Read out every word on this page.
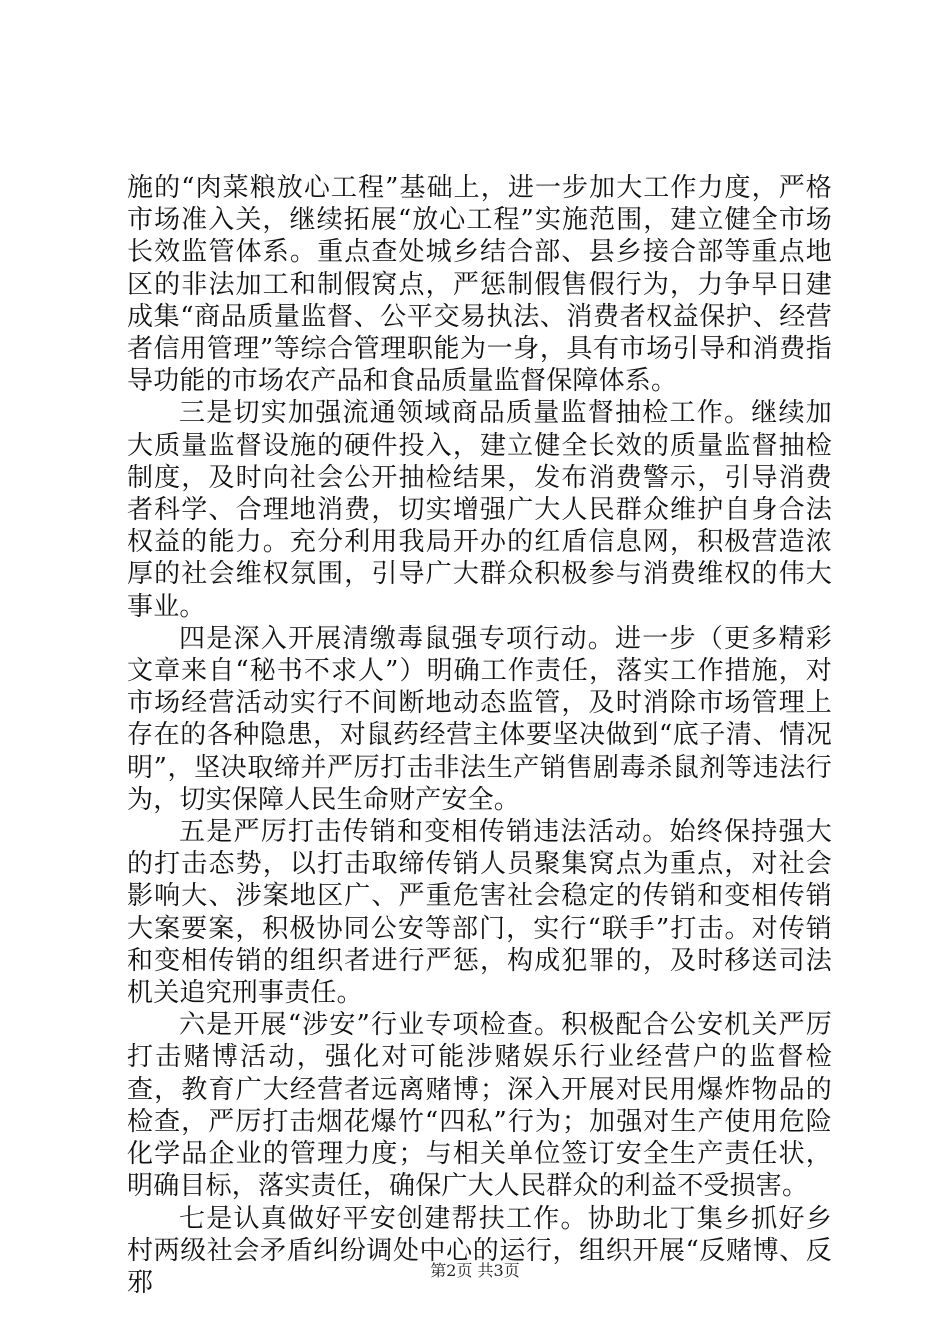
施的“肉菜粮放心工程”基础上，进一步加大工作力度，严格市场准入关，继续拓展“放心工程”实施范围，建立健全市场长效监管体系。重点查处城乡结合部、县乡接合部等重点地区的非法加工和制假窝点，严惩制假售假行为，力争早日建成集“商品质量监督、公平交易执法、消费者权益保护、经营者信用管理”等综合管理职能为一身，具有市场引导和消费指导功能的市场农产品和食品质量监督保障体系。

三是切实加强流通领域商品质量监督抽检工作。继续加大质量监督设施的硬件投入，建立健全长效的质量监督抽检制度，及时向社会公开抽检结果，发布消费警示，引导消费者科学、合理地消费，切实增强广大人民群众维护自身合法权益的能力。充分利用我局开办的红盾信息网，积极营造浓厚的社会维权氛围，引导广大群众积极参与消费维权的伟大事业。

四是深入开展清缴毒鼠强专项行动。进一步（更多精彩文章来自“秘书不求人”）明确工作责任，落实工作措施，对市场经营活动实行不间断地动态监管，及时消除市场管理上存在的各种隐患，对鼠药经营主体要坚决做到“底子清、情况明”，坚决取缔并严厉打击非法生产销售剧毒杀鼠剂等违法行为，切实保障人民生命财产安全。

五是严厉打击传销和变相传销违法活动。始终保持强大的打击态势，以打击取缔传销人员聚集窝点为重点，对社会影响大、涉案地区广、严重危害社会稳定的传销和变相传销大案要案，积极协同公安等部门，实行“联手”打击。对传销和变相传销的组织者进行严惩，构成犯罪的，及时移送司法机关追究刑事责任。

六是开展“涉安”行业专项检查。积极配合公安机关严厉打击赌博活动，强化对可能涉赌娱乐行业经营户的监督检查，教育广大经营者远离赌博；深入开展对民用爆炸物品的检查，严厉打击烟花爆竹“四私”行为；加强对生产使用危险化学品企业的管理力度；与相关单位签订安全生产责任状，明确目标，落实责任，确保广大人民群众的利益不受损害。

七是认真做好平安创建帮扶工作。协助北丁集乡抓好乡村两级社会矛盾纠纷调处中心的运行，组织开展“反赌博、反邪	第2页 共3页
